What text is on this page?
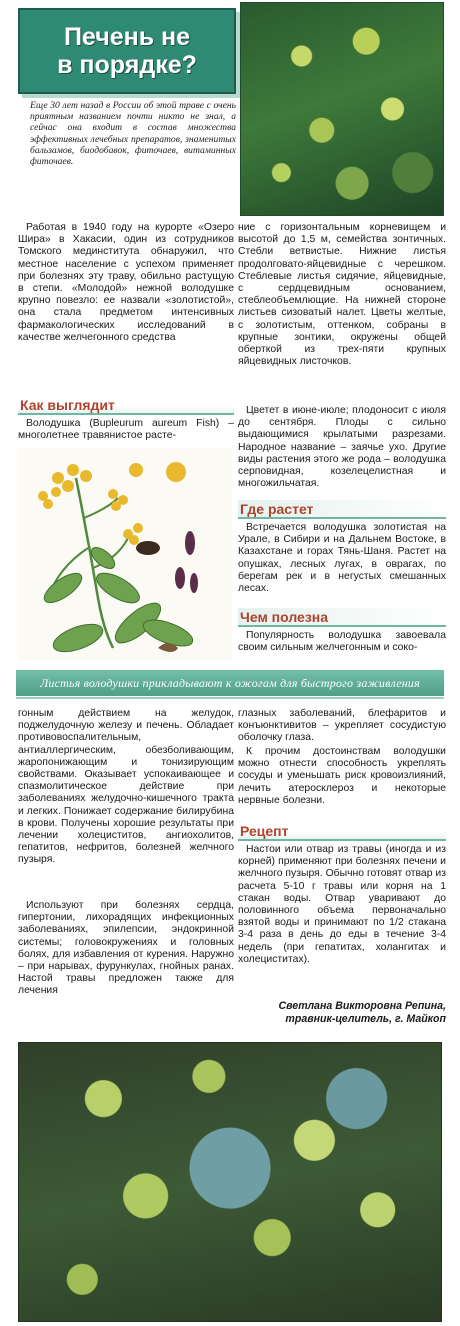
Печень не
в порядке?
Еще 30 лет назад в России об этой траве с очень приятным названием почти никто не знал, а сейчас она входит в состав множества эффективных лечебных препаратов, знаменитых бальзамов, биодобавок, фиточаев, витаминных фиточаев.
Работая в 1940 году на курорте «Озеро Шира» в Хакасии, один из сотрудников Томского мединститута обнаружил, что местное население с успехом применяет при болезнях эту траву, обильно растущую в степи. «Молодой» нежной володушке крупно повезло: ее назвали «золотистой», она стала предметом интенсивных фармакологических исследований в качестве желчегонного средства
ние с горизонтальным корневищем и высотой до 1,5 м, семейства зонтичных. Стебли ветвистые. Нижние листья продолговато-яйцевидные с черешком. Стеблевые листья сидячие, яйцевидные, с сердцевидным основанием, стеблеобъемлющие. На нижней стороне листьев сизоватый налет. Цветы желтые, с золотистым, оттенком, собраны в крупные зонтики, окружены общей оберткой из трех-пяти крупных яйцевидных листочков.
Цветет в июне-июле; плодоносит с июля до сентября. Плоды с сильно выдающимися крылатыми разрезами. Народное название – заячье ухо. Другие виды растения этого же рода – володушка серповидная, козелецелистная и многожильчатая.
Как выглядит
Володушка (Bupleurum aureum Fish) – многолетнее травянистое расте-
Где растет
Встречается володушка золотистая на Урале, в Сибири и на Дальнем Востоке, в Казахстане и горах Тянь-Шаня. Растет на опушках, лесных лугах, в оврагах, по берегам рек и в негустых смешанных лесах.
Чем полезна
Популярность володушка завоевала своим сильным желчегонным и соко-
Листья володушки прикладывают к ожогам для быстрого заживления
гонным действием на желудок, поджелудочную железу и печень. Обладает противовоспалительным, антиаллергическим, обезболивающим, жаропонижающим и тонизирующим свойствами. Оказывает успокаивающее и спазмолитическое действие при заболеваниях желудочно-кишечного тракта и легких. Понижает содержание билирубина в крови. Получены хорошие результаты при лечении холециститов, ангиохолитов, гепатитов, нефритов, болезней желчного пузыря.
Используют при болезнях сердца, гипертонии, лихорадящих инфекционных заболеваниях, эпилепсии, эндокринной системы; головокружениях и головных болях, для избавления от курения. Наружно – при нарывах, фурункулах, гнойных ранах. Настой травы предложен также для лечения
глазных заболеваний, блефаритов и конъюнктивитов – укрепляет сосудистую оболочку глаза.
К прочим достоинствам володушки можно отнести способность укреплять сосуды и уменьшать риск кровоизлияний, лечить атеросклероз и некоторые нервные болезни.
Рецепт
Настои или отвар из травы (иногда и из корней) применяют при болезнях печени и желчного пузыря. Обычно готовят отвар из расчета 5-10 г травы или корня на 1 стакан воды. Отвар уваривают до половинного объема первоначально взятой воды и принимают по 1/2 стакана 3-4 раза в день до еды в течение 3-4 недель (при гепатитах, холангитах и холециститах).
Светлана Викторовна Репина,
травник-целитель, г. Майкоп
